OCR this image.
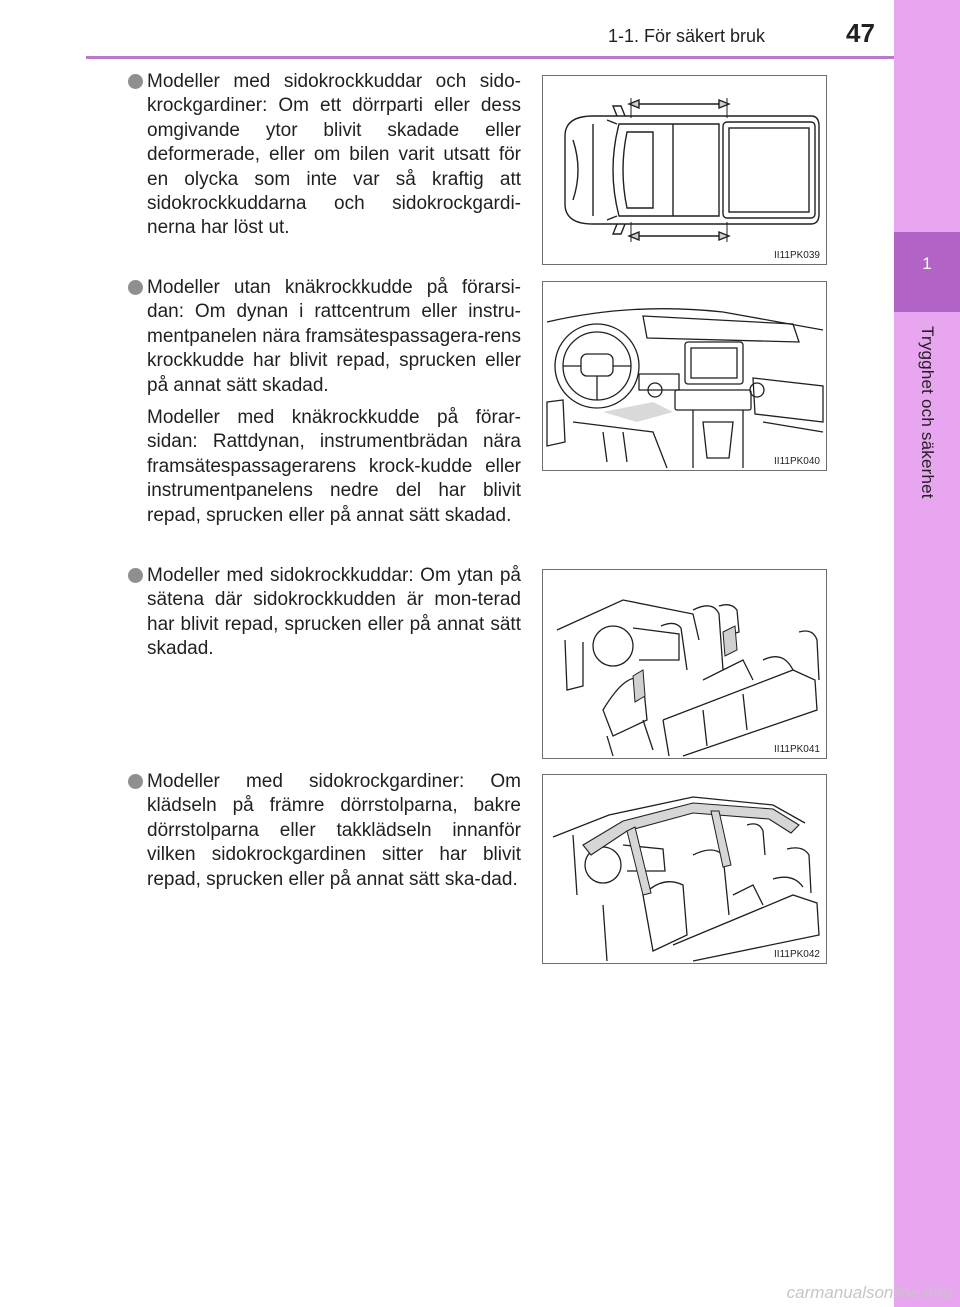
1-1. För säkert bruk	47
1
Trygghet och säkerhet

Modeller med sidokrockkuddar och sido-krockgardiner: Om ett dörrparti eller dess omgivande ytor blivit skadade eller deformerade, eller om bilen varit utsatt för en olycka som inte var så kraftig att sidokrockkuddarna och sidokrockgardi-nerna har löst ut.

II11PK039

Modeller utan knäkrockkudde på förarsi-dan: Om dynan i rattcentrum eller instru-mentpanelen nära framsätespassagera-rens krockkudde har blivit repad, sprucken eller på annat sätt skadad.

Modeller med knäkrockkudde på förar-sidan: Rattdynan, instrumentbrädan nära framsätespassagerarens krock-kudde eller instrumentpanelens nedre del har blivit repad, sprucken eller på annat sätt skadad.

II11PK040

Modeller med sidokrockkuddar: Om ytan på sätena där sidokrockkudden är mon-terad har blivit repad, sprucken eller på annat sätt skadad.

II11PK041

Modeller med sidokrockgardiner: Om klädseln på främre dörrstolparna, bakre dörrstolparna eller takklädseln innanför vilken sidokrockgardinen sitter har blivit repad, sprucken eller på annat sätt ska-dad.

II11PK042
carmanualsonline.info
